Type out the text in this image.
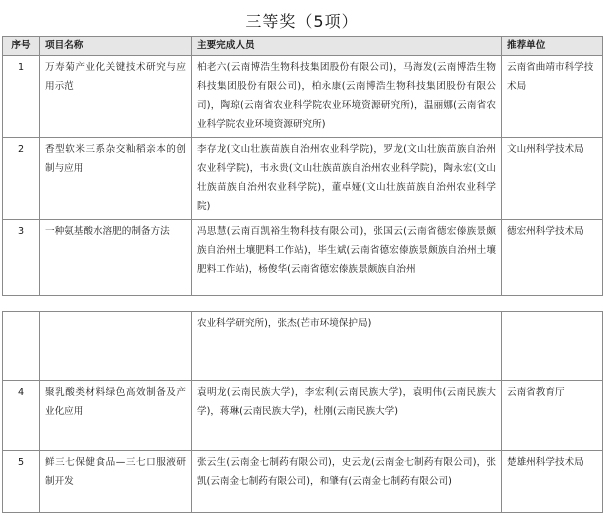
三等奖（5项）
序号	项目名称	主要完成人员	推荐单位
1	万寿菊产业化关键技术研究与应用示范	柏老六(云南博浩生物科技集团股份有限公司)，马海发(云南博浩生物科技集团股份有限公司)，柏永康(云南博浩生物科技集团股份有限公司)，陶琼(云南省农业科学院农业环境资源研究所)，温丽娜(云南省农业科学院农业环境资源研究所)	云南省曲靖市科学技术局
2	香型软米三系杂交籼稻亲本的创制与应用	李存龙(文山壮族苗族自治州农业科学院)，罗龙(文山壮族苗族自治州农业科学院)，韦永贵(文山壮族苗族自治州农业科学院)，陶永宏(文山壮族苗族自治州农业科学院)，董卓娅(文山壮族苗族自治州农业科学院)	文山州科学技术局
3	一种氨基酸水溶肥的制备方法	冯思慧(云南百凯裕生物科技有限公司)，张国云(云南省德宏傣族景颇族自治州土壤肥料工作站)，毕生斌(云南省德宏傣族景颇族自治州土壤肥料工作站)，杨俊华(云南省德宏傣族景颇族自治州	德宏州科学技术局
		农业科学研究所)，张杰(芒市环境保护局)	
4	聚乳酸类材料绿色高效制备及产业化应用	袁明龙(云南民族大学)，李宏利(云南民族大学)，袁明伟(云南民族大学)，蒋琳(云南民族大学)，杜刚(云南民族大学)	云南省教育厅
5	鲜三七保健食品—三七口服液研制开发	张云生(云南金七制药有限公司)，史云龙(云南金七制药有限公司)，张凯(云南金七制药有限公司)，和肇有(云南金七制药有限公司)	楚雄州科学技术局
